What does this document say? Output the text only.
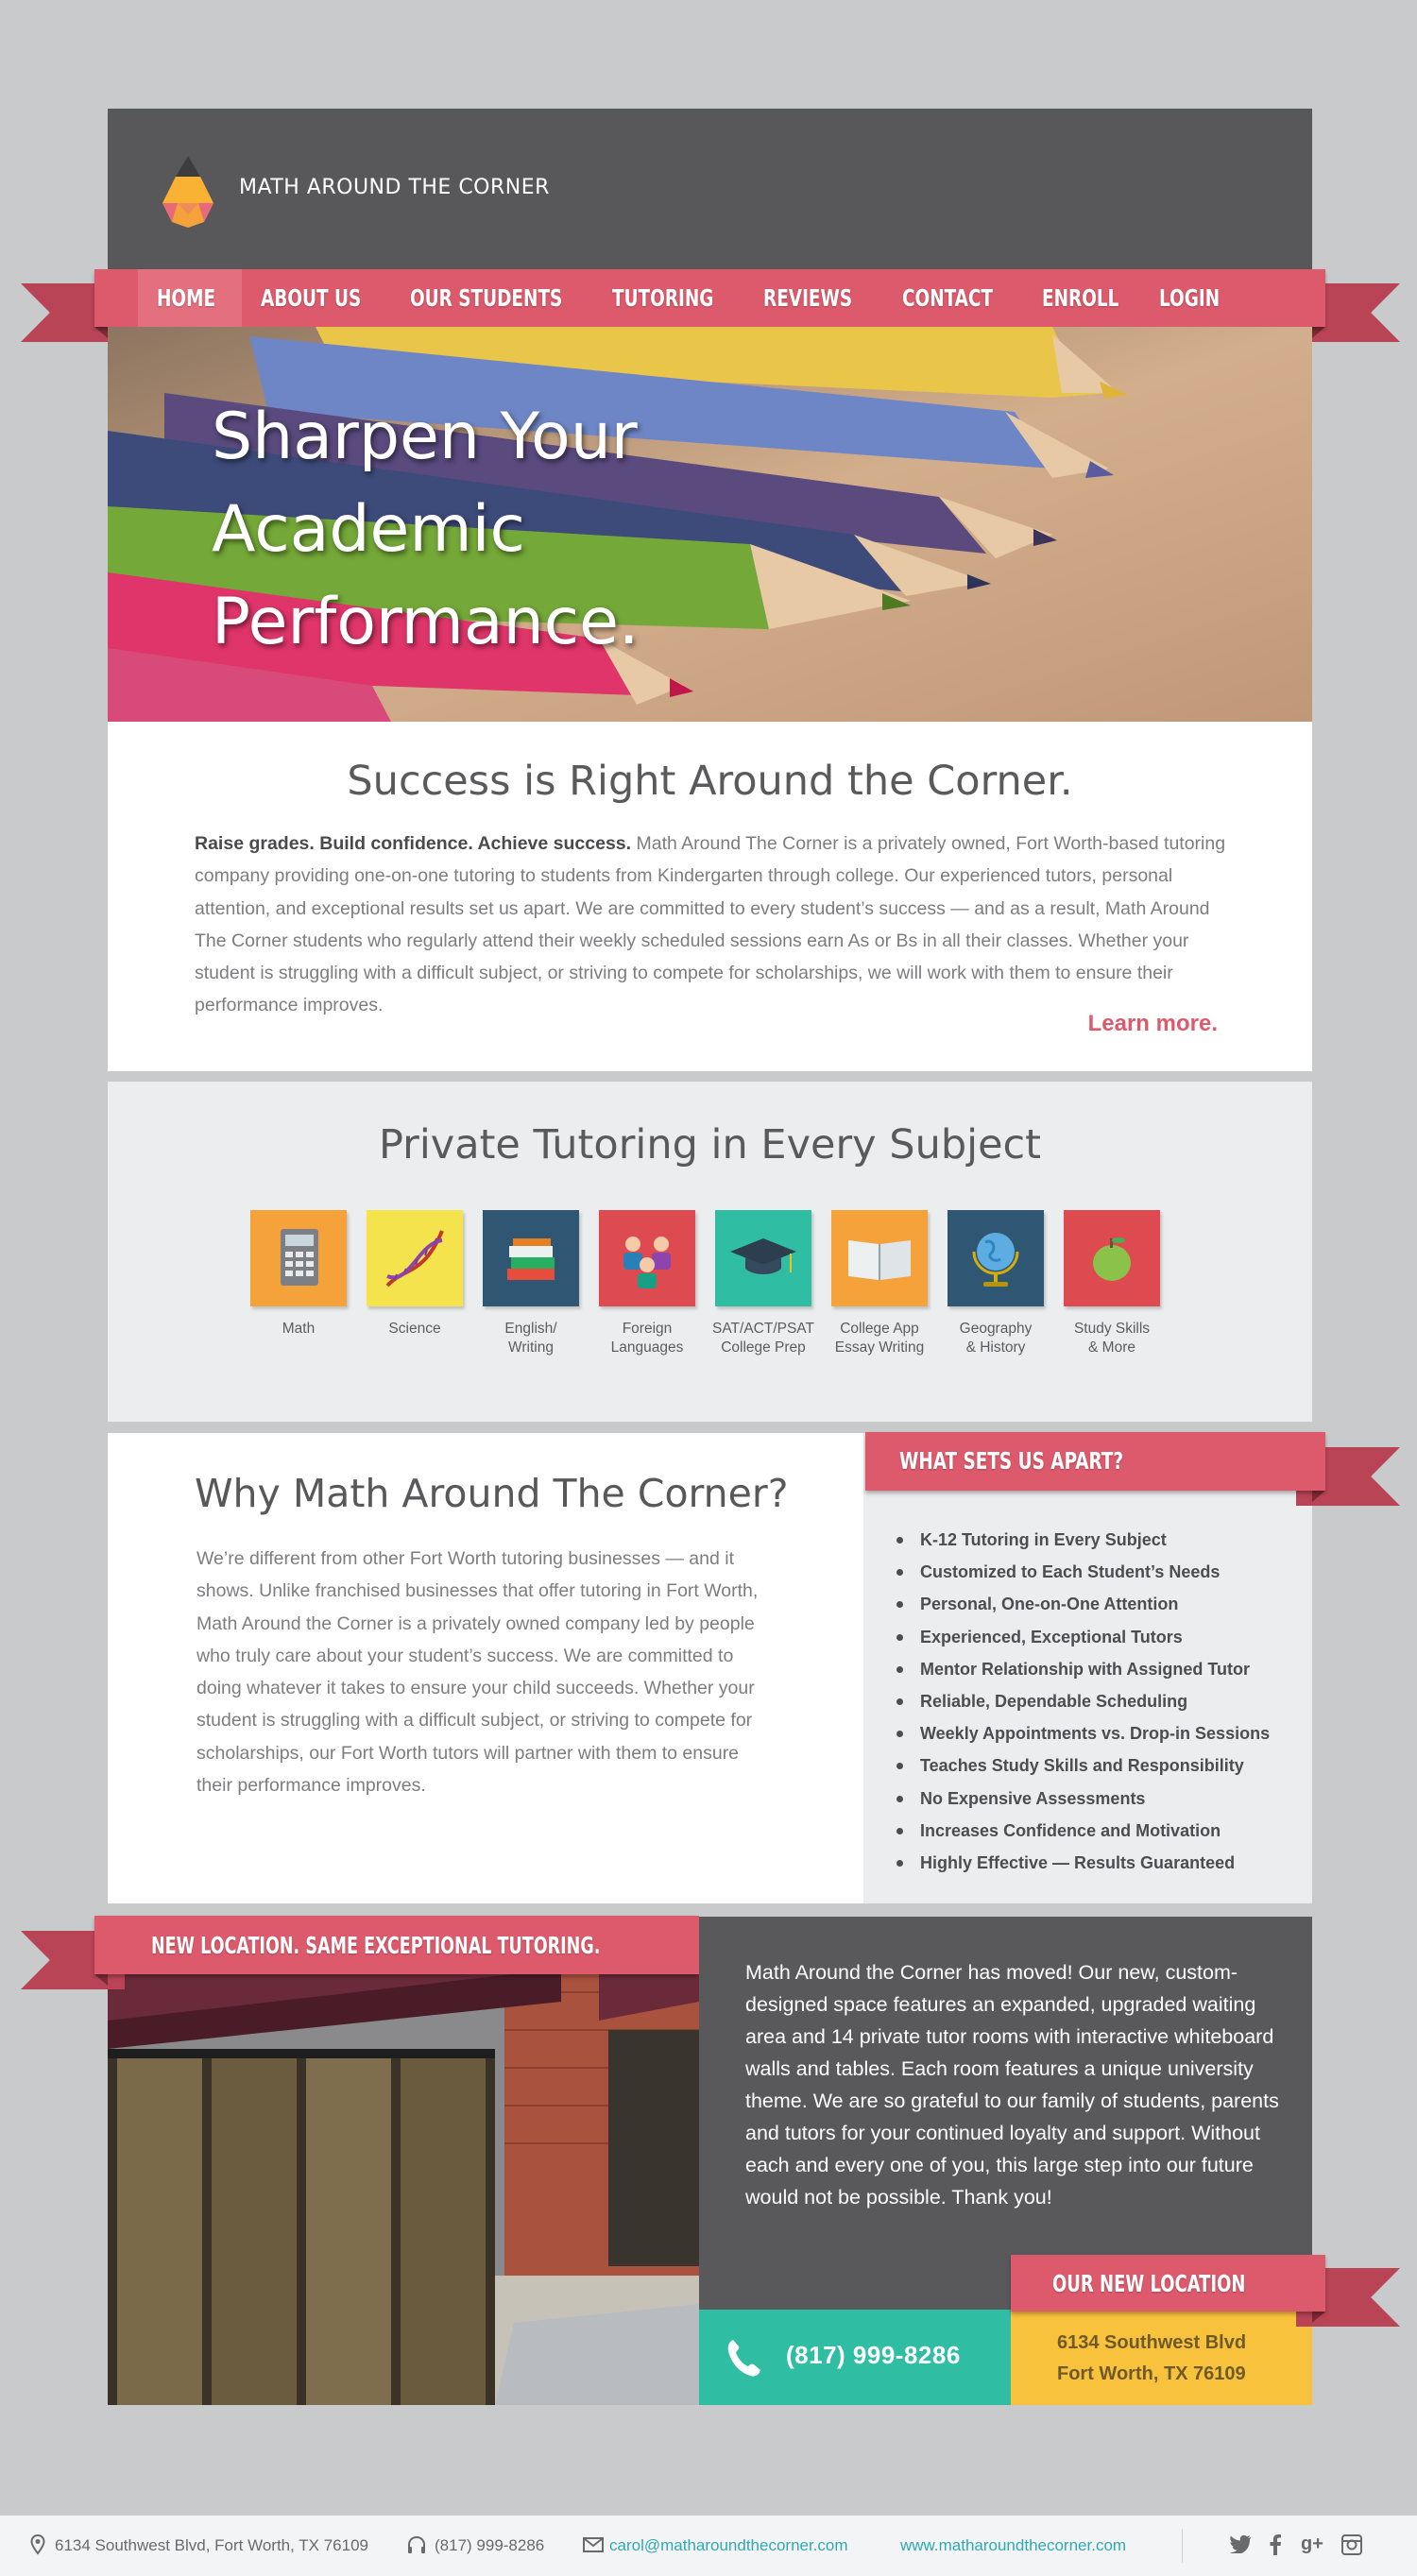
MATH AROUND THE CORNER
HOME ABOUT US OUR STUDENTS TUTORING REVIEWS CONTACT ENROLL LOGIN
Sharpen Your
Academic
Performance.
Success is Right Around the Corner.
Raise grades. Build confidence. Achieve success. Math Around The Corner is a privately owned, Fort Worth-based tutoring company providing one-on-one tutoring to students from Kindergarten through college. Our experienced tutors, personal attention, and exceptional results set us apart. We are committed to every student’s success — and as a result, Math Around The Corner students who regularly attend their weekly scheduled sessions earn As or Bs in all their classes. Whether your student is struggling with a difficult subject, or striving to compete for scholarships, we will work with them to ensure their performance improves.
Learn more.
Private Tutoring in Every Subject
Math	Science	English/
Writing
Foreign
Languages
SAT/ACT/PSAT
College Prep
College App
Essay Writing
Geography
& History
Study Skills
& More
Why Math Around The Corner?
We’re different from other Fort Worth tutoring businesses — and it shows. Unlike franchised businesses that offer tutoring in Fort Worth, Math Around the Corner is a privately owned company led by people who truly care about your student’s success. We are committed to doing whatever it takes to ensure your child succeeds. Whether your student is struggling with a difficult subject, or striving to compete for scholarships, our Fort Worth tutors will partner with them to ensure their performance improves.
K-12 Tutoring in Every Subject
Customized to Each Student’s Needs
Personal, One-on-One Attention
Experienced, Exceptional Tutors
Mentor Relationship with Assigned Tutor
Reliable, Dependable Scheduling
Weekly Appointments vs. Drop-in Sessions
Teaches Study Skills and Responsibility
No Expensive Assessments
Increases Confidence and Motivation
Highly Effective — Results Guaranteed
WHAT SETS US APART?
NEW LOCATION. SAME EXCEPTIONAL TUTORING.
Math Around the Corner has moved! Our new, custom-designed space features an expanded, upgraded waiting area and 14 private tutor rooms with interactive whiteboard walls and tables. Each room features a unique university theme. We are so grateful to our family of students, parents and tutors for your continued loyalty and support. Without each and every one of you, this large step into our future would not be possible. Thank you!
(817) 999-8286	6134 Southwest Blvd
Fort Worth, TX 76109
OUR NEW LOCATION
6134 Southwest Blvd, Fort Worth, TX 76109	(817) 999-8286	carol@matharoundthecorner.com	www.matharoundthecorner.com	g+
